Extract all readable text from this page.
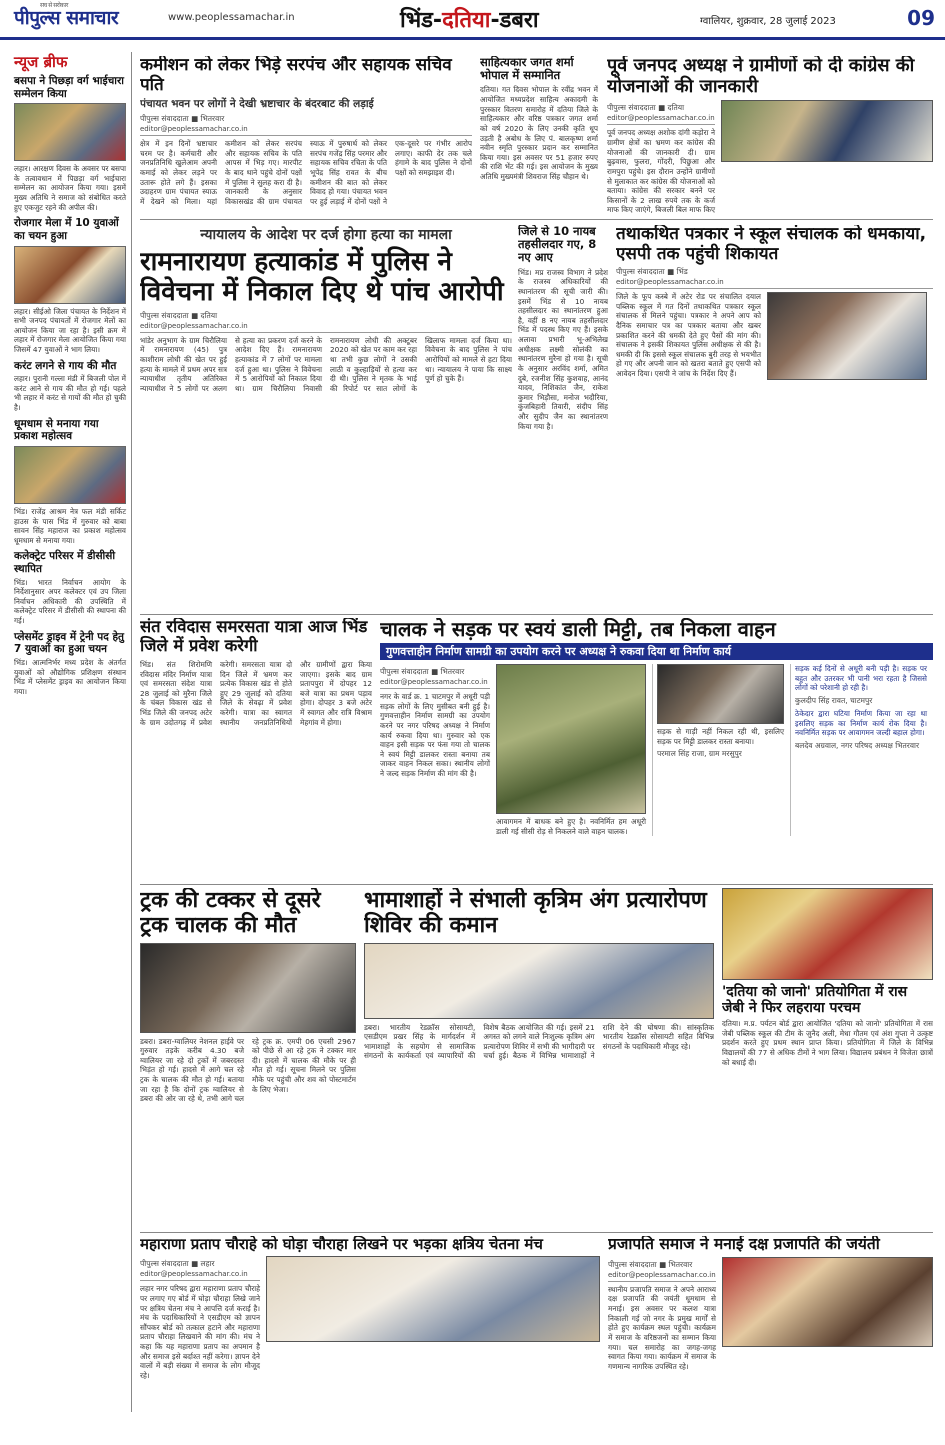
सच से सरोकार
पीपुल्स समाचार	www.peoplessamachar.in	भिंड-दतिया-डबरा	ग्वालियर, शुक्रवार, 28 जुलाई 2023	09
न्यूज ब्रीफ
बसपा ने पिछड़ा वर्ग भाईचारा सम्मेलन किया
लहार। आरक्षण दिवस के अवसर पर बसपा के तत्वावधान में पिछड़ा वर्ग भाईचारा सम्मेलन का आयोजन किया गया। इसमें मुख्य अतिथि ने समाज को संबोधित करते हुए एकजुट रहने की अपील की।
रोजगार मेला में 10 युवाओं का चयन हुआ
लहार। सीईओ जिला पंचायत के निर्देशन में सभी जनपद पंचायतों में रोजगार मेलों का आयोजन किया जा रहा है। इसी क्रम में लहार में रोजगार मेला आयोजित किया गया जिसमें 47 युवाओं ने भाग लिया।
करंट लगने से गाय की मौत
लहार। पुरानी गल्ला मंडी में बिजली पोल में करंट आने से गाय की मौत हो गई। पहले भी लहार में करंट से गायों की मौत हो चुकी है।
धूमधाम से मनाया गया प्रकाश महोत्सव
भिंड। राजेंद्र आश्रम नेत्र फल मंडी सर्किट हाउस के पास भिंड में गुरुवार को बाबा सावन सिंह महाराज का प्रकाश महोत्सव धूमधाम से मनाया गया।
कलेक्ट्रेट परिसर में डीसीसी स्थापित
भिंड। भारत निर्वाचन आयोग के निर्देशानुसार अपर कलेक्टर एवं उप जिला निर्वाचन अधिकारी की उपस्थिति में कलेक्ट्रेट परिसर में डीसीसी की स्थापना की गई।
प्लेसमेंट ड्राइव में ट्रेनी पद हेतु 7 युवाओं का हुआ चयन
भिंड। आत्मनिर्भर मध्य प्रदेश के अंतर्गत युवाओं को औद्योगिक प्रशिक्षण संस्थान भिंड में प्लेसमेंट ड्राइव का आयोजन किया गया।
कमीशन को लेकर भिड़े सरपंच और सहायक सचिव पति
पंचायत भवन पर लोगों ने देखी भ्रष्टाचार के बंदरबाट की लड़ाई
पीपुल्स संवाददाता ■ भितरवार
editor@peoplessamachar.co.in
क्षेत्र में इन दिनों भ्रष्टाचार चरम पर है। कर्मचारी और जनप्रतिनिधि खुलेआम अपनी कमाई को लेकर लड़ने पर उतारू होते लगे हैं। इसका उदाहरण ग्राम पंचायत स्याऊ में देखने को मिला। यहां कमीशन को लेकर सरपंच और सहायक सचिव के पति आपस में भिड़ गए। मारपीट के बाद थाने पहुंचे दोनों पक्षों में पुलिस ने सुलह करा दी है। जानकारी के अनुसार विकासखंड की ग्राम पंचायत स्याऊ में पुरुषार्थ को लेकर सरपंच गजेंद्र सिंह परमार और सहायक सचिव रचिता के पति भूपेंद्र सिंह रावत के बीच कमीशन की बात को लेकर विवाद हो गया। पंचायत भवन पर हुई लड़ाई में दोनों पक्षों ने एक-दूसरे पर गंभीर आरोप लगाए। काफी देर तक चले हंगामे के बाद पुलिस ने दोनों पक्षों को समझाइश दी।
साहित्यकार जगत शर्मा भोपाल में सम्मानित
दतिया। गत दिवस भोपाल के रवींद्र भवन में आयोजित मध्यप्रदेश साहित्य अकादमी के पुरस्कार वितरण समारोह में दतिया जिले के साहित्यकार और वरिष्ठ पत्रकार जगत शर्मा को वर्ष 2020 के लिए उनकी कृति धूप उड़ती है अबोध के लिए पं. बालकृष्ण शर्मा नवीन स्मृति पुरस्कार प्रदान कर सम्मानित किया गया। इस अवसर पर 51 हजार रुपए की राशि भेंट की गई। इस आयोजन के मुख्य अतिथि मुख्यमंत्री शिवराज सिंह चौहान थे।
पूर्व जनपद अध्यक्ष ने ग्रामीणों को दी कांग्रेस की योजनाओं की जानकारी
पीपुल्स संवाददाता ■ दतिया
editor@peoplessamachar.co.in
पूर्व जनपद अध्यक्ष अशोक दांगी कड़ोरा ने ग्रामीण क्षेत्रों का भ्रमण कर कांग्रेस की योजनाओं की जानकारी दी। ग्राम बुढ़वास, फुलरा, गोंदरी, पिछुआ और रामपुरा पहुंचे। इस दौरान उन्होंने ग्रामीणों से मुलाकात कर कांग्रेस की योजनाओं को बताया। कांग्रेस की सरकार बनने पर किसानों के 2 लाख रुपये तक के कर्ज माफ किए जाएंगे, बिजली बिल माफ किए
न्यायालय के आदेश पर दर्ज होगा हत्या का मामला
रामनारायण हत्याकांड में पुलिस ने विवेचना में निकाल दिए थे पांच आरोपी
पीपुल्स संवाददाता ■ दतिया
editor@peoplessamachar.co.in
भांडेर अनुभाग के ग्राम चिरौलिया में रामनारायण (45) पुत्र काशीराम लोधी की खेत पर हुई हत्या के मामले में प्रथम अपर सत्र न्यायाधीश तृतीय अतिरिक्त न्यायाधीश ने 5 लोगों पर अलग से हत्या का प्रकरण दर्ज करने के आदेश दिए हैं। रामनारायण हत्याकांड में 7 लोगों पर मामला दर्ज हुआ था। पुलिस ने विवेचना में 5 आरोपियों को निकाल दिया था। ग्राम चिरौलिया निवासी रामनारायण लोधी की अक्टूबर 2020 को खेत पर काम कर रहा था तभी कुछ लोगों ने उसकी लाठी व कुल्हाड़ियों से हत्या कर दी थी। पुलिस ने मृतक के भाई की रिपोर्ट पर सात लोगों के खिलाफ मामला दर्ज किया था। विवेचना के बाद पुलिस ने पांच आरोपियों को मामले से हटा दिया था। न्यायालय ने पाया कि साक्ष्य पूर्ण हो चुके हैं।
जिले से 10 नायब तहसीलदार गए, 8 नए आए
भिंड। मप्र राजस्व विभाग ने प्रदेश के राजस्व अधिकारियों की स्थानांतरण की सूची जारी की। इसमें भिंड से 10 नायब तहसीलदार का स्थानांतरण हुआ है, वहीं 8 नए नायब तहसीलदार भिंड में पदस्थ किए गए हैं। इसके अलावा प्रभारी भू-अभिलेख अधीक्षक लक्ष्मी सोलंकी का स्थानांतरण मुरैना हो गया है। सूची के अनुसार अरविंद शर्मा, अमित दुबे, रजनीश सिंह कुशवाह, आनंद यादव, निशिकांत जैन, राकेश कुमार भिड़ौसा, मनोज भदौरिया, कुंजबिहारी तिवारी, संदीप सिंह और सुदीप जैन का स्थानांतरण किया गया है।
तथाकथित पत्रकार ने स्कूल संचालक को धमकाया, एसपी तक पहुंची शिकायत
पीपुल्स संवाददाता ■ भिंड
editor@peoplessamachar.co.in
जिले के फूप कस्बे में अटेर रोड पर संचालित दयाल पब्लिक स्कूल में गत दिनों तथाकथित पत्रकार स्कूल संचालक से मिलने पहुंचा। पत्रकार ने अपने आप को दैनिक समाचार पत्र का पत्रकार बताया और खबर प्रकाशित करने की धमकी देते हुए पैसों की मांग की। संचालक ने इसकी शिकायत पुलिस अधीक्षक से की है। धमकी दी कि इससे स्कूल संचालक बुरी तरह से भयभीत हो गए और अपनी जान को खतरा बताते हुए एसपी को आवेदन दिया। एसपी ने जांच के निर्देश दिए हैं।
संत रविदास समरसता यात्रा आज भिंड जिले में प्रवेश करेगी
भिंड। संत शिरोमणि रविदास मंदिर निर्माण यात्रा एवं समरसता संदेश यात्रा 28 जुलाई को मुरैना जिले के चंबल विकास खंड से भिंड जिले की जनपद अटेर के ग्राम उदोतगढ़ में प्रवेश करेगी। समरसता यात्रा दो दिन जिले में भ्रमण कर प्रत्येक विकास खंड से होते हुए 29 जुलाई को दतिया जिले के सेवढ़ा में प्रवेश करेगी। यात्रा का स्वागत स्थानीय जनप्रतिनिधियों और ग्रामीणों द्वारा किया जाएगा। इसके बाद ग्राम प्रतापपुरा में दोपहर 12 बजे यात्रा का प्रथम पड़ाव होगा। दोपहर 3 बजे अटेर में स्वागत और रात्रि विश्राम मेहगांव में होगा।
चालक ने सड़क पर स्वयं डाली मिट्टी, तब निकला वाहन
गुणवत्ताहीन निर्माण सामग्री का उपयोग करने पर अध्यक्ष ने रुकवा दिया था निर्माण कार्य
पीपुल्स संवाददाता ■ भितरवार
editor@peoplessamachar.co.in
नगर के वार्ड क्र. 1 चाटमपुर में अधूरी पड़ी सड़क लोगों के लिए मुसीबत बनी हुई है। गुणवत्ताहीन निर्माण सामग्री का उपयोग करने पर नगर परिषद अध्यक्ष ने निर्माण कार्य रुकवा दिया था। गुरुवार को एक वाहन इसी सड़क पर फंस गया तो चालक ने स्वयं मिट्टी डालकर रास्ता बनाया तब जाकर वाहन निकल सका। स्थानीय लोगों ने जल्द सड़क निर्माण की मांग की है।
आवागमन में बाधक बने हुए है। नवनिर्मित हम अधूरी डाली गई सीसी रोड़ से निकलने वाले वाहन चालक।
सड़क से गाड़ी नहीं निकल रही थी, इसलिए सड़क पर मिट्टी डालकर रास्ता बनाया।
परमाल सिंह राजा, ग्राम मरसुपुर
सड़क कई दिनों से अधूरी बनी पड़ी है। सड़क पर बहुत और उतरकर भी पानी भरा रहता है जिससे लोगों को परेशानी हो रही है।
कुलदीप सिंह रावत, चाटमपुर
ठेकेदार द्वारा घटिया निर्माण किया जा रहा था इसलिए सड़क का निर्माण कार्य रोक दिया है। नवनिर्मित सड़क पर आवागमन जल्दी बहाल होगा।
बलदेव अग्रवाल, नगर परिषद अध्यक्ष भितरवार
ट्रक की टक्कर से दूसरे ट्रक चालक की मौत
डबरा। डबरा-ग्वालियर नेशनल हाईवे पर गुरुवार तड़के करीब 4.30 बजे ग्वालियर जा रहे दो ट्रकों में जबरदस्त भिड़ंत हो गई। हादसे में आगे चल रहे ट्रक के चालक की मौत हो गई। बताया जा रहा है कि दोनों ट्रक ग्वालियर से डबरा की ओर जा रहे थे, तभी आगे चल रहे ट्रक क्र. एमपी 06 एचसी 2967 को पीछे से आ रहे ट्रक ने टक्कर मार दी। हादसे में चालक की मौके पर ही मौत हो गई। सूचना मिलने पर पुलिस मौके पर पहुंची और शव को पोस्टमार्टम के लिए भेजा।
भामाशाहों ने संभाली कृत्रिम अंग प्रत्यारोपण शिविर की कमान
डबरा। भारतीय रेडक्रॉस सोसायटी, एसडीएम प्रखर सिंह के मार्गदर्शन में भामाशाहों के सहयोग से सामाजिक संगठनों के कार्यकर्ता एवं व्यापारियों की विशेष बैठक आयोजित की गई। इसमें 21 अगस्त को लगने वाले निःशुल्क कृत्रिम अंग प्रत्यारोपण शिविर में सभी की भागीदारी पर चर्चा हुई। बैठक में विभिन्न भामाशाहों ने राशि देने की घोषणा की। सांस्कृतिक भारतीय रेडक्रॉस सोसायटी सहित विभिन्न संगठनों के पदाधिकारी मौजूद रहे।
'दतिया को जानो' प्रतियोगिता में रास जेबी ने फिर लहराया परचम
दतिया। म.प्र. पर्यटन बोर्ड द्वारा आयोजित 'दतिया को जानो' प्रतियोगिता में रास जेबी पब्लिक स्कूल की टीम के जुनैद अली, मेधा गौतम एवं अंश गुप्ता ने उत्कृष्ट प्रदर्शन करते हुए प्रथम स्थान प्राप्त किया। प्रतियोगिता में जिले के विभिन्न विद्यालयों की 77 से अधिक टीमों ने भाग लिया। विद्यालय प्रबंधन ने विजेता छात्रों को बधाई दी।
महाराणा प्रताप चौराहे को घोड़ा चौराहा लिखने पर भड़का क्षत्रिय चेतना मंच
पीपुल्स संवाददाता ■ लहार
editor@peoplessamachar.co.in
लहार नगर परिषद द्वारा महाराणा प्रताप चौराहे पर लगाए गए बोर्ड में घोड़ा चौराहा लिखे जाने पर क्षत्रिय चेतना मंच ने आपत्ति दर्ज कराई है। मंच के पदाधिकारियों ने एसडीएम को ज्ञापन सौंपकर बोर्ड को तत्काल हटाने और महाराणा प्रताप चौराहा लिखवाने की मांग की। मंच ने कहा कि यह महाराणा प्रताप का अपमान है और समाज इसे बर्दाश्त नहीं करेगा। ज्ञापन देने वालों में बड़ी संख्या में समाज के लोग मौजूद रहे।
प्रजापति समाज ने मनाई दक्ष प्रजापति की जयंती
पीपुल्स संवाददाता ■ भितरवार
editor@peoplessamachar.co.in
स्थानीय प्रजापति समाज ने अपने आराध्य दक्ष प्रजापति की जयंती धूमधाम से मनाई। इस अवसर पर कलश यात्रा निकाली गई जो नगर के प्रमुख मार्गों से होते हुए कार्यक्रम स्थल पहुंची। कार्यक्रम में समाज के वरिष्ठजनों का सम्मान किया गया। चल समारोह का जगह-जगह स्वागत किया गया। कार्यक्रम में समाज के गणमान्य नागरिक उपस्थित रहे।
